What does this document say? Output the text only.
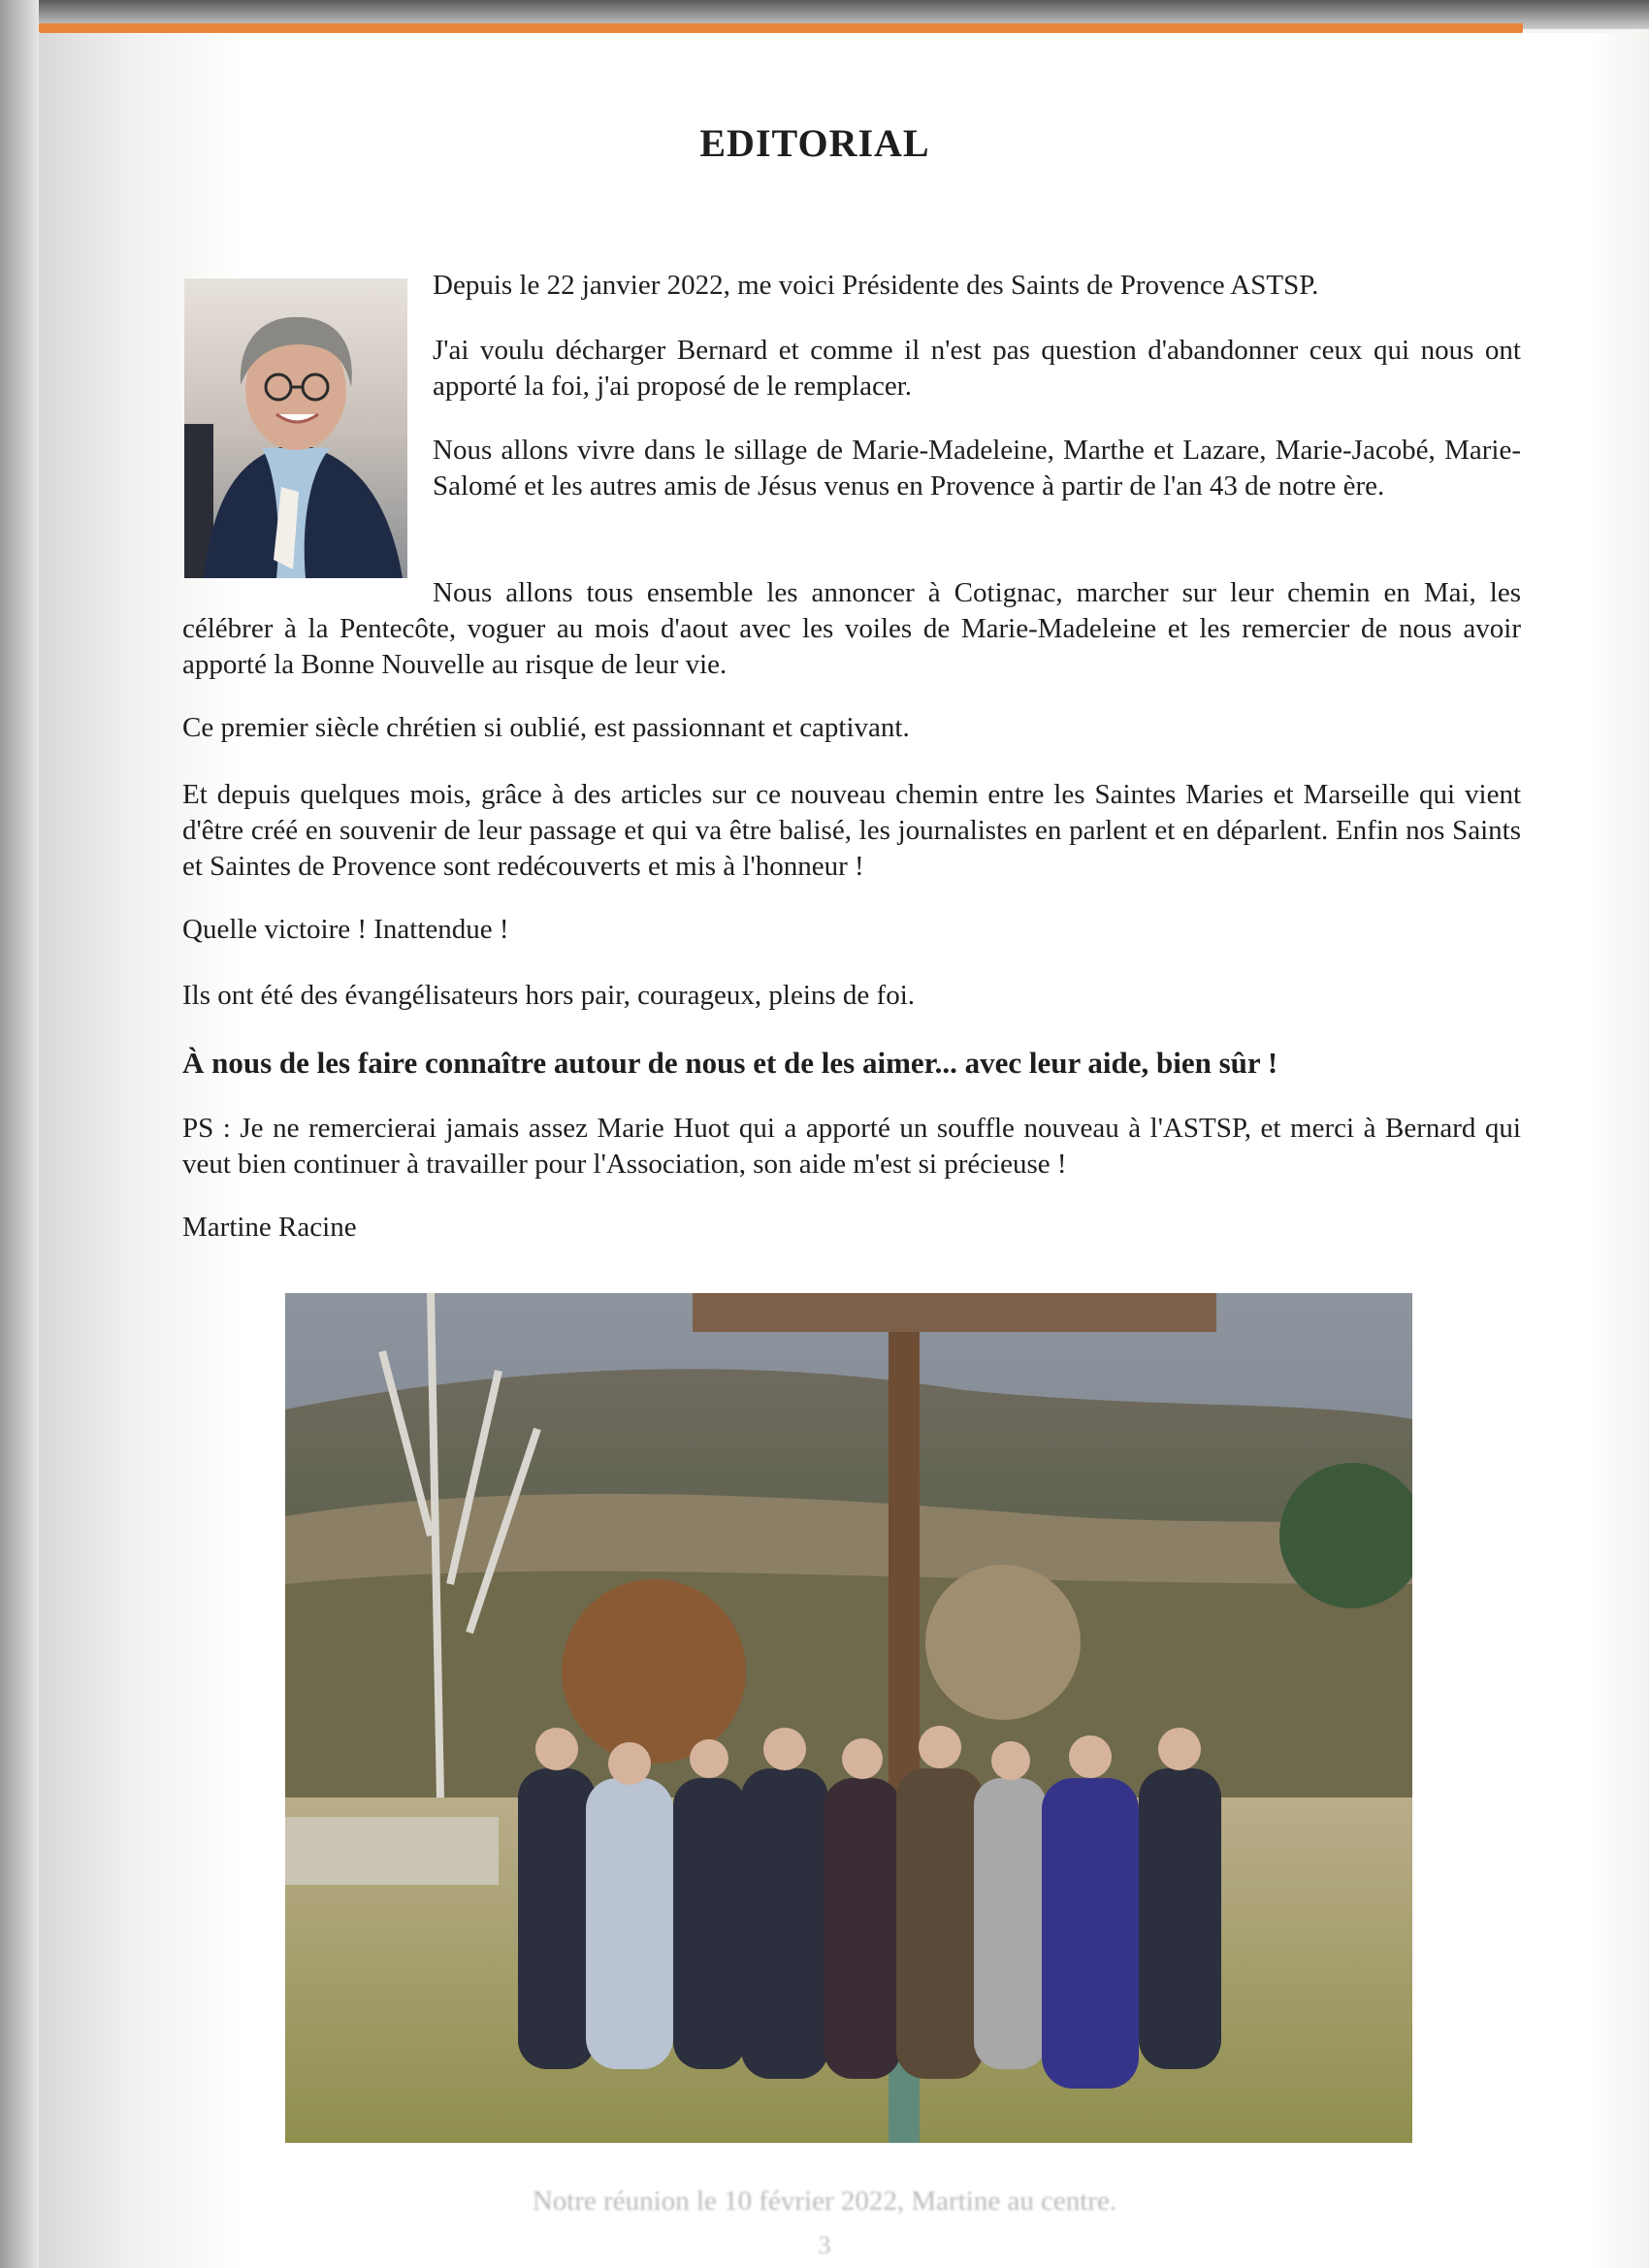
EDITORIAL

Depuis le 22 janvier 2022, me voici Présidente des Saints de Provence ASTSP.

J'ai voulu décharger Bernard et comme il n'est pas question d'abandonner ceux qui nous ont apporté la foi, j'ai proposé de le remplacer.

Nous allons vivre dans le sillage de Marie-Madeleine, Marthe et Lazare, Marie-Jacobé, Marie-Salomé et les autres amis de Jésus venus en Provence à partir de l'an 43 de notre ère.

Nous allons tous ensemble les annoncer à Cotignac, marcher sur leur chemin en Mai, les célébrer à la Pentecôte, voguer au mois d'aout avec les voiles de Marie-Madeleine et les remercier de nous avoir apporté la Bonne Nouvelle au risque de leur vie.

Ce premier siècle chrétien si oublié, est passionnant et captivant.

Et depuis quelques mois, grâce à des articles sur ce nouveau chemin entre les Saintes Maries et Marseille qui vient d'être créé en souvenir de leur passage et qui va être balisé, les journalistes en parlent et en déparlent. Enfin nos Saints et Saintes de Provence sont redécouverts et mis à l'honneur !

Quelle victoire ! Inattendue !

Ils ont été des évangélisateurs hors pair, courageux, pleins de foi.

À nous de les faire connaître autour de nous et de les aimer... avec leur aide, bien sûr !

PS : Je ne remercierai jamais assez Marie Huot qui a apporté un souffle nouveau à l'ASTSP, et merci à Bernard qui veut bien continuer à travailler pour l'Association, son aide m'est si précieuse !

Martine Racine

Notre réunion le 10 février 2022, Martine au centre.
3
